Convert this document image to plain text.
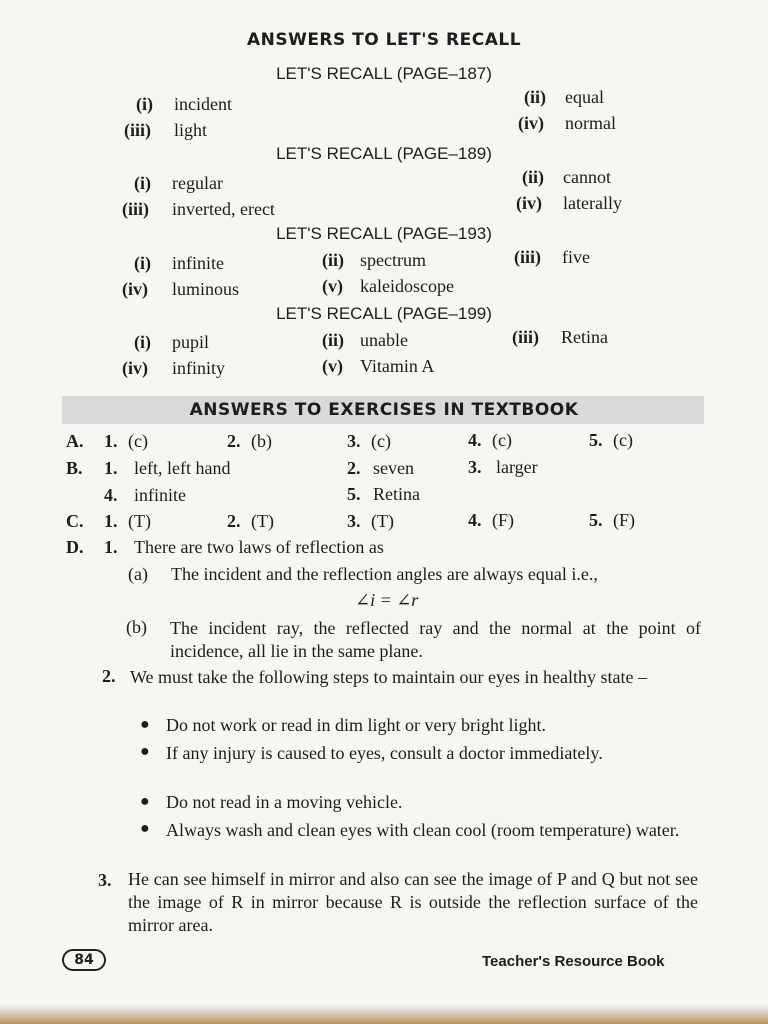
ANSWERS TO LET'S RECALL
LET'S RECALL (PAGE–187)
(i) incident	(ii) equal
(iii) light	(iv) normal
LET'S RECALL (PAGE–189)
(i) regular	(ii) cannot
(iii) inverted, erect	(iv) laterally
LET'S RECALL (PAGE–193)
(i) infinite	(ii) spectrum	(iii) five
(iv) luminous	(v) kaleidoscope
LET'S RECALL (PAGE–199)
(i) pupil	(ii) unable	(iii) Retina
(iv) infinity	(v) Vitamin A
ANSWERS TO EXERCISES IN TEXTBOOK
A. 1. (c)	2. (b)	3. (c)	4. (c)	5. (c)
B. 1. left, left hand	2. seven	3. larger
4. infinite	5. Retina
C. 1. (T)	2. (T)	3. (T)	4. (F)	5. (F)
D. 1. There are two laws of reflection as
(a) The incident and the reflection angles are always equal i.e.,
∠i = ∠r
(b) The incident ray, the reflected ray and the normal at the point of incidence, all lie in the same plane.
2. We must take the following steps to maintain our eyes in healthy state –
● Do not work or read in dim light or very bright light.
● If any injury is caused to eyes, consult a doctor immediately.
● Do not read in a moving vehicle.
● Always wash and clean eyes with clean cool (room temperature) water.
3. He can see himself in mirror and also can see the image of P and Q but not see the image of R in mirror because R is outside the reflection surface of the mirror area.
84	Teacher's Resource Book
